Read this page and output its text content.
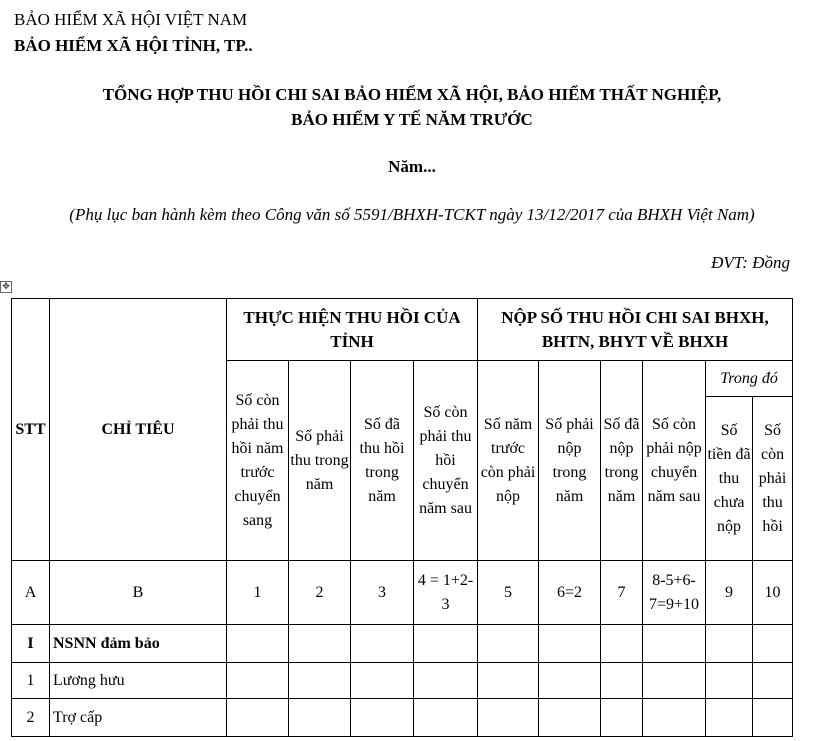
BẢO HIỂM XÃ HỘI VIỆT NAM
BẢO HIỂM XÃ HỘI TỈNH, TP..
TỔNG HỢP THU HỒI CHI SAI BẢO HIỂM XÃ HỘI, BẢO HIỂM THẤT NGHIỆP,
BẢO HIỂM Y TẾ NĂM TRƯỚC
Năm...
(Phụ lục ban hành kèm theo Công văn số 5591/BHXH-TCKT ngày 13/12/2017 của BHXH Việt Nam)
ĐVT: Đồng
✥
STT	CHỈ TIÊU	THỰC HIỆN THU HỒI CỦA TỈNH				NỘP SỐ THU HỒI CHI SAI BHXH, BHTN, BHYT VỀ BHXH					
		Số còn phải thu hồi năm trước chuyển sang	Số phải thu trong năm	Số đã thu hồi trong năm	Số còn phải thu hồi chuyển năm sau	Số năm trước còn phải nộp	Số phải nộp trong năm	Số đã nộp trong năm	Số còn phải nộp chuyển năm sau	Trong đó	
										Số tiền đã thu chưa nộp	Số còn phải thu hồi
A	B	1	2	3	4 = 1+2-3	5	6=2	7	8-5+6-7=9+10	9	10
I	NSNN đảm bảo										
1	Lương hưu										
2	Trợ cấp										
